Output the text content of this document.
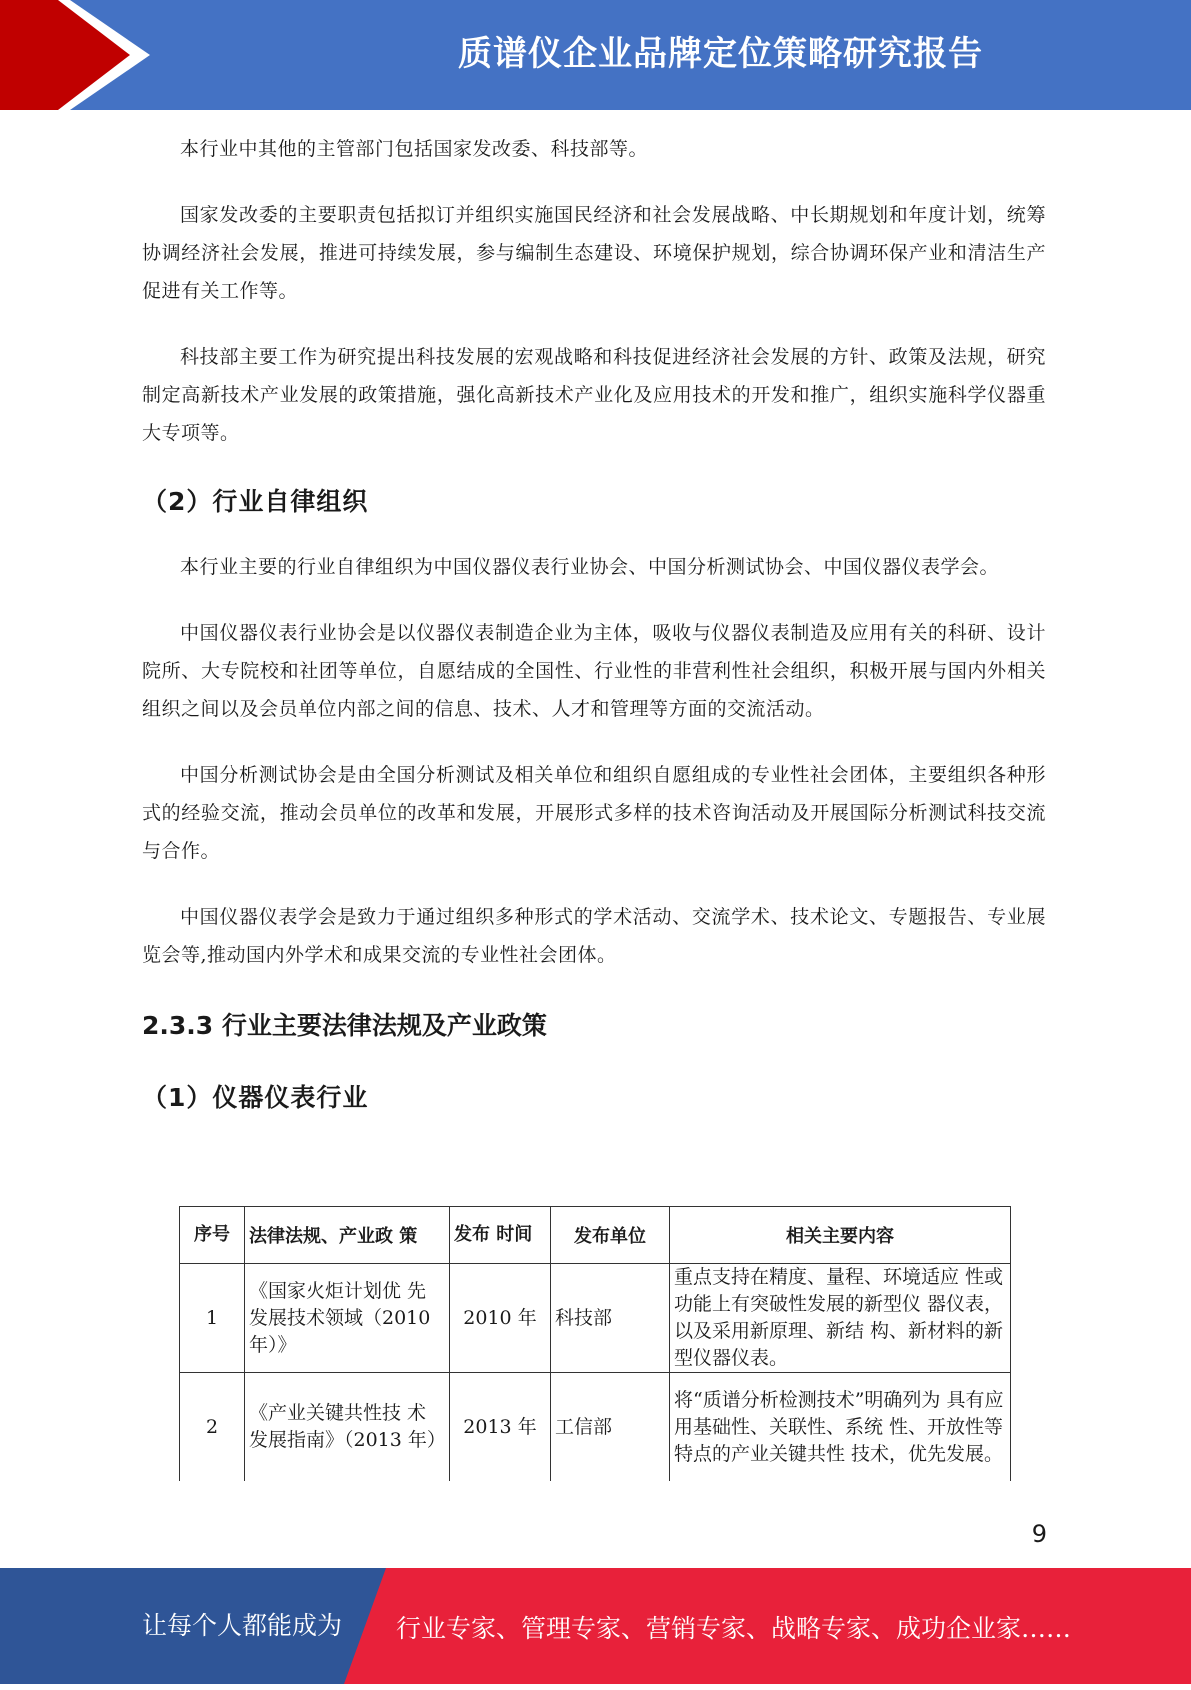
质谱仪企业品牌定位策略研究报告

本行业中其他的主管部门包括国家发改委、科技部等。

国家发改委的主要职责包括拟订并组织实施国民经济和社会发展战略、中长期规划和年度计划，统筹协调经济社会发展，推进可持续发展，参与编制生态建设、环境保护规划，综合协调环保产业和清洁生产促进有关工作等。

科技部主要工作为研究提出科技发展的宏观战略和科技促进经济社会发展的方针、政策及法规，研究制定高新技术产业发展的政策措施，强化高新技术产业化及应用技术的开发和推广，组织实施科学仪器重大专项等。

（2）行业自律组织

本行业主要的行业自律组织为中国仪器仪表行业协会、中国分析测试协会、中国仪器仪表学会。

中国仪器仪表行业协会是以仪器仪表制造企业为主体，吸收与仪器仪表制造及应用有关的科研、设计院所、大专院校和社团等单位，自愿结成的全国性、行业性的非营利性社会组织，积极开展与国内外相关组织之间以及会员单位内部之间的信息、技术、人才和管理等方面的交流活动。

中国分析测试协会是由全国分析测试及相关单位和组织自愿组成的专业性社会团体，主要组织各种形式的经验交流，推动会员单位的改革和发展，开展形式多样的技术咨询活动及开展国际分析测试科技交流与合作。

中国仪器仪表学会是致力于通过组织多种形式的学术活动、交流学术、技术论文、专题报告、专业展览会等,推动国内外学术和成果交流的专业性社会团体。

2.3.3 行业主要法律法规及产业政策
（1）仪器仪表行业
序号	法律法规、产业政 策	发布 时间	发布单位	相关主要内容
1	《国家火炬计划优 先发展技术领域（2010 年）》	2010 年	科技部	重点支持在精度、量程、环境适应 性或功能上有突破性发展的新型仪 器仪表，以及采用新原理、新结 构、新材料的新型仪器仪表。
2	《产业关键共性技 术发展指南》（2013 年）	2013 年	工信部	将“质谱分析检测技术”明确列为 具有应用基础性、关联性、系统 性、开放性等特点的产业关键共性 技术，优先发展。
9
让每个人都能成为 行业专家、管理专家、营销专家、战略专家、成功企业家……
